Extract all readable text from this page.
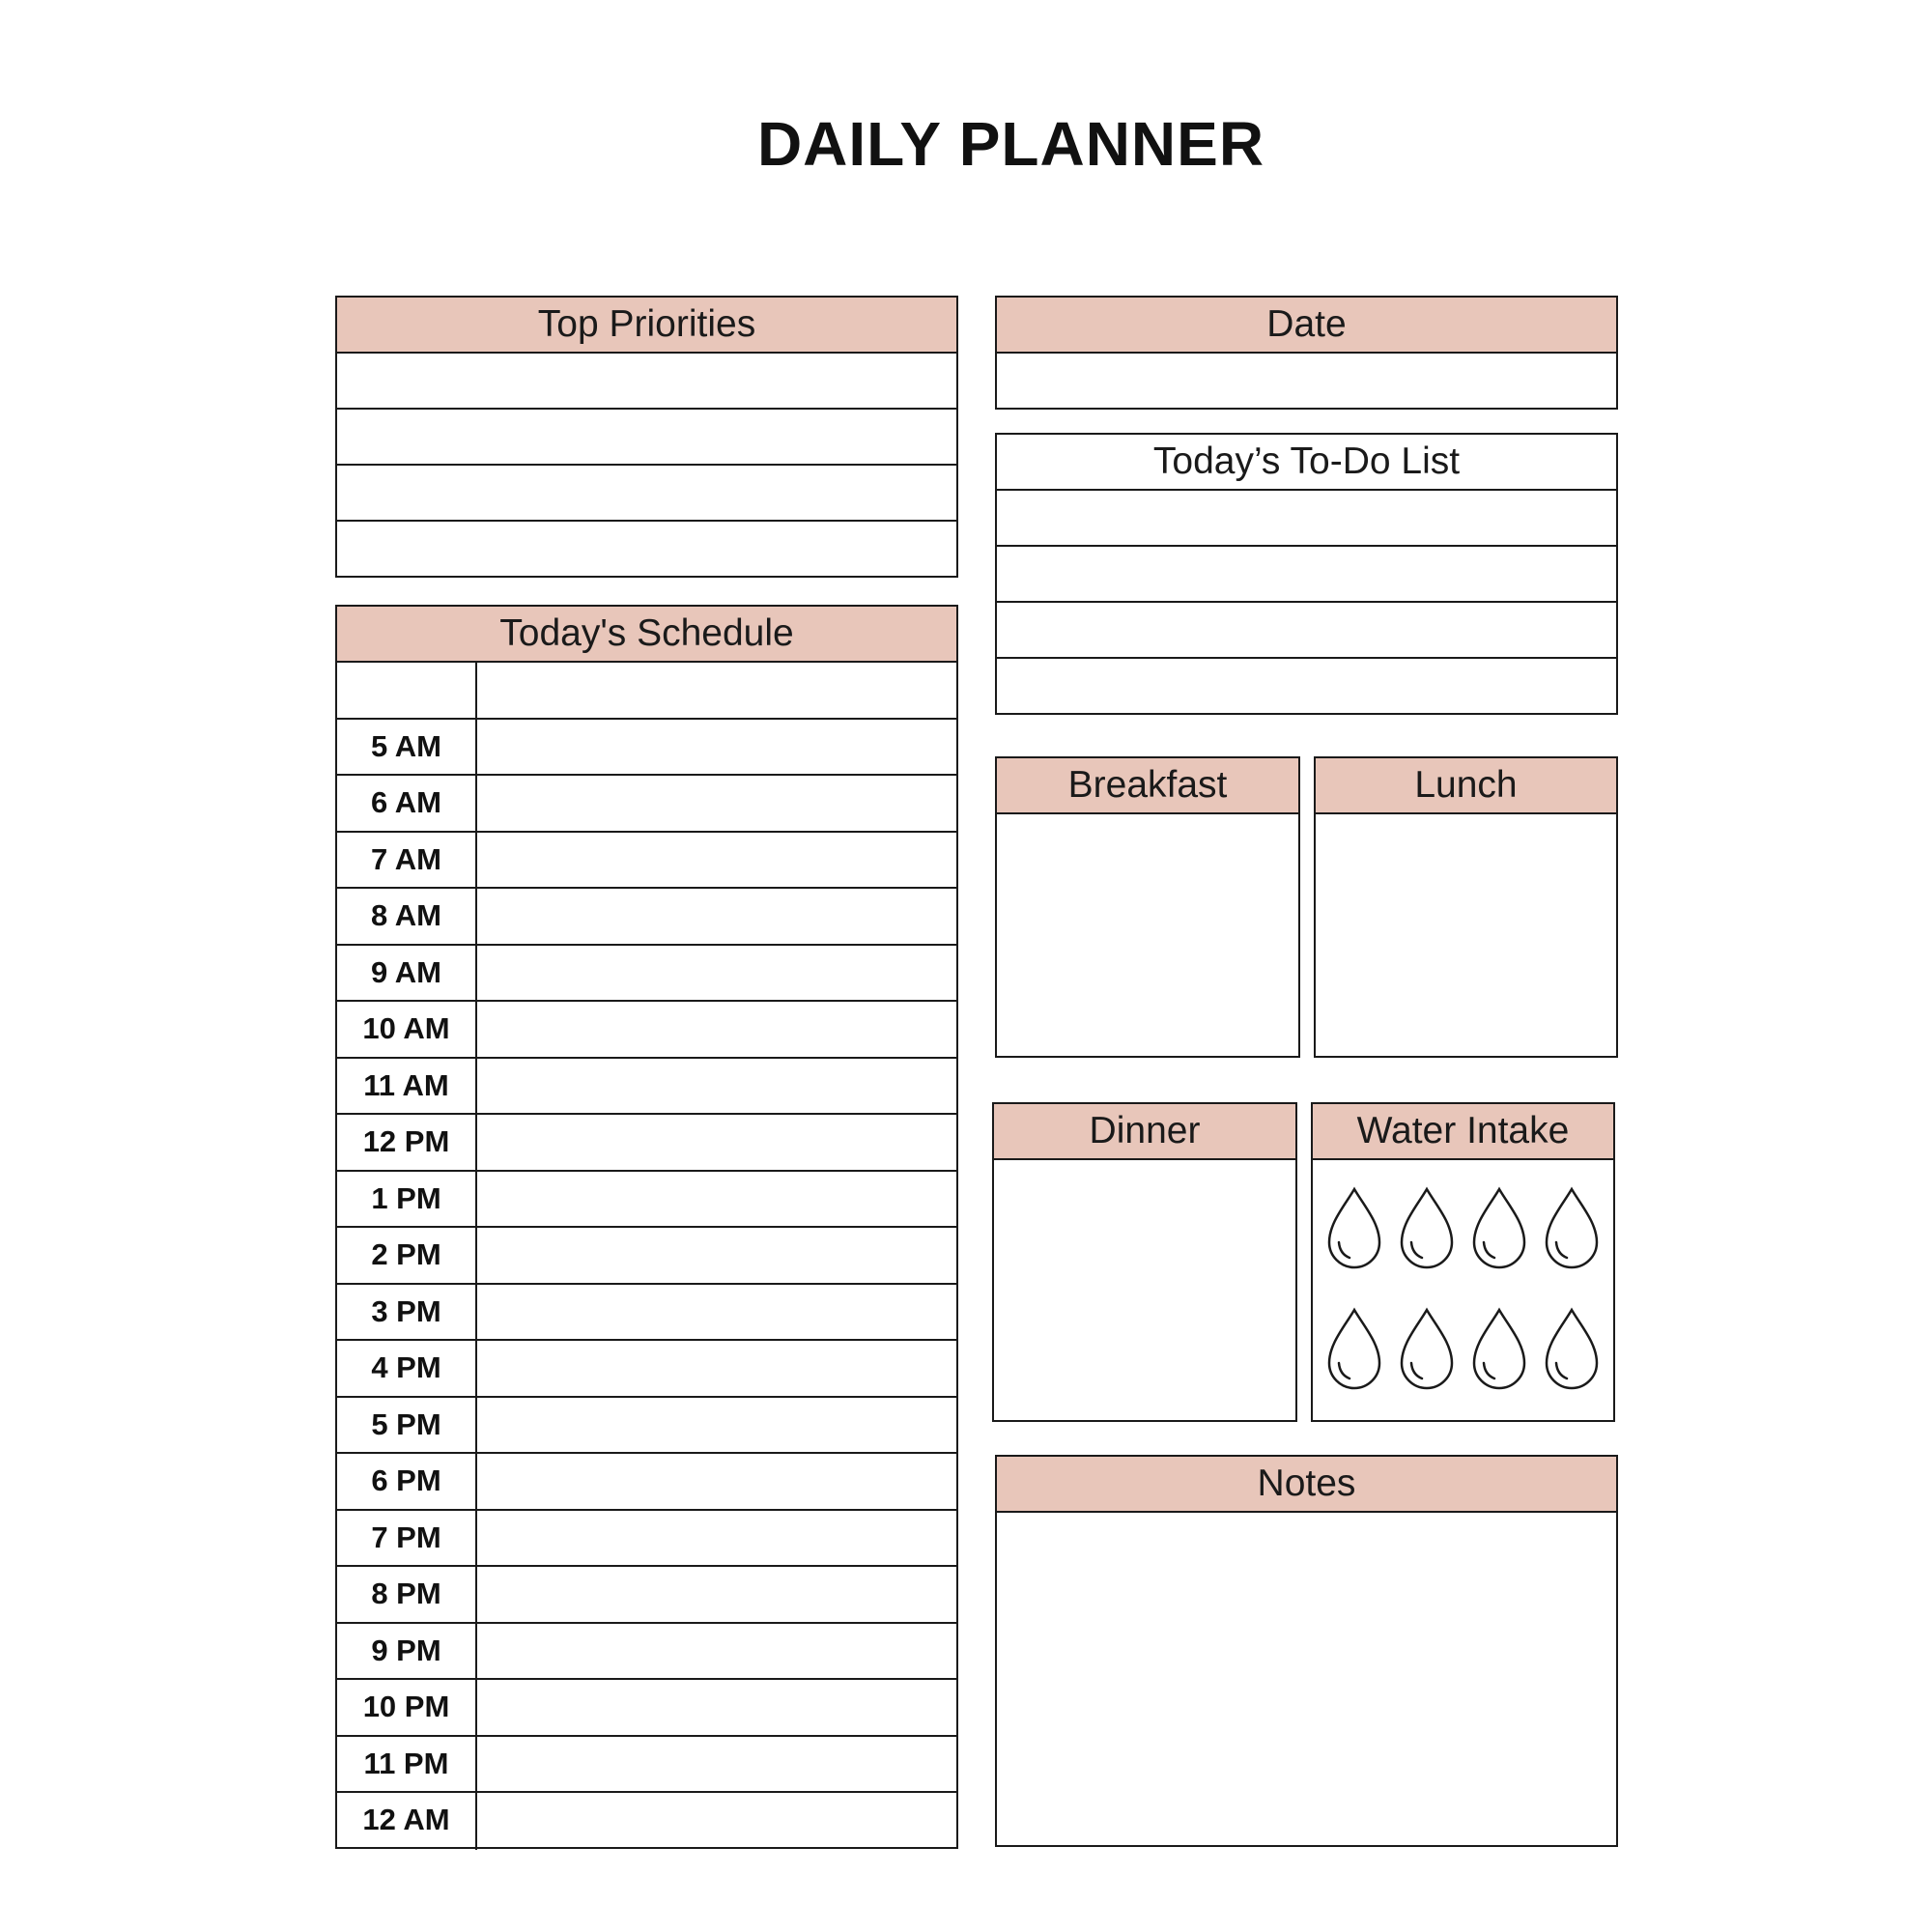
DAILY PLANNER
Top Priorities	Date
Today’s To-Do List
Today's Schedule
5 AM
6 AM
7 AM
8 AM
9 AM
10 AM
11 AM
12 PM
1 PM
2 PM
3 PM
4 PM
5 PM
6 PM
7 PM
8 PM
9 PM
10 PM
11 PM
12 AM
Breakfast	Lunch
Dinner	Water Intake
Notes
